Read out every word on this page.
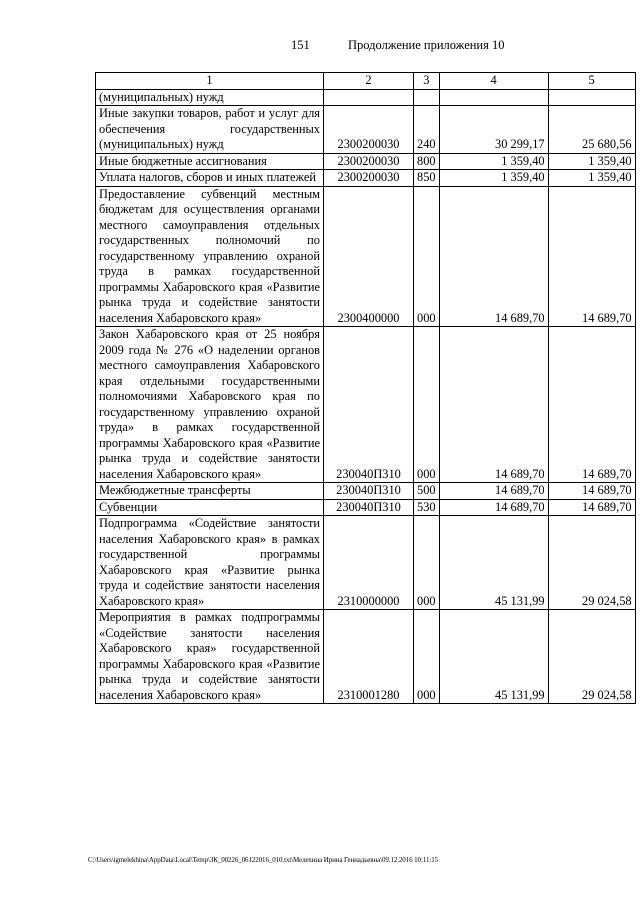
151	Продолжение приложения 10
1	2	3	4	5
(муниципальных) нужд				
Иные закупки товаров, работ и услуг для обеспечения государственных (муниципальных) нужд	2300200030	240	30 299,17	25 680,56
Иные бюджетные ассигнования	2300200030	800	1 359,40	1 359,40
Уплата налогов, сборов и иных платежей	2300200030	850	1 359,40	1 359,40
Предоставление субвенций местным бюджетам для осуществления органами местного самоуправления отдельных государственных полномочий по государственному управлению охраной труда в рамках государственной программы Хабаровского края «Развитие рынка труда и содействие занятости населения Хабаровского края»	2300400000	000	14 689,70	14 689,70
Закон Хабаровского края от 25 ноября 2009 года № 276 «О наделении органов местного самоуправления Хабаровского края отдельными государственными полномочиями Хабаровского края по государственному управлению охраной труда» в рамках государственной программы Хабаровского края «Развитие рынка труда и содействие занятости населения Хабаровского края»	230040П310	000	14 689,70	14 689,70
Межбюджетные трансферты	230040П310	500	14 689,70	14 689,70
Субвенции	230040П310	530	14 689,70	14 689,70
Подпрограмма «Содействие занятости населения Хабаровского края» в рамках государственной программы Хабаровского края «Развитие рынка труда и содействие занятости населения Хабаровского края»	2310000000	000	45 131,99	29 024,58
Мероприятия в рамках подпрограммы «Содействие занятости населения Хабаровского края» государственной программы Хабаровского края «Развитие рынка труда и содействие занятости населения Хабаровского края»	2310001280	000	45 131,99	29 024,58
C:\Users\igmelekhina\AppData\Local\Temp\ЗК_00226_06122016_010.txt\Мелехина Ирина Геннадьевна\09.12.2016 10:11:15
